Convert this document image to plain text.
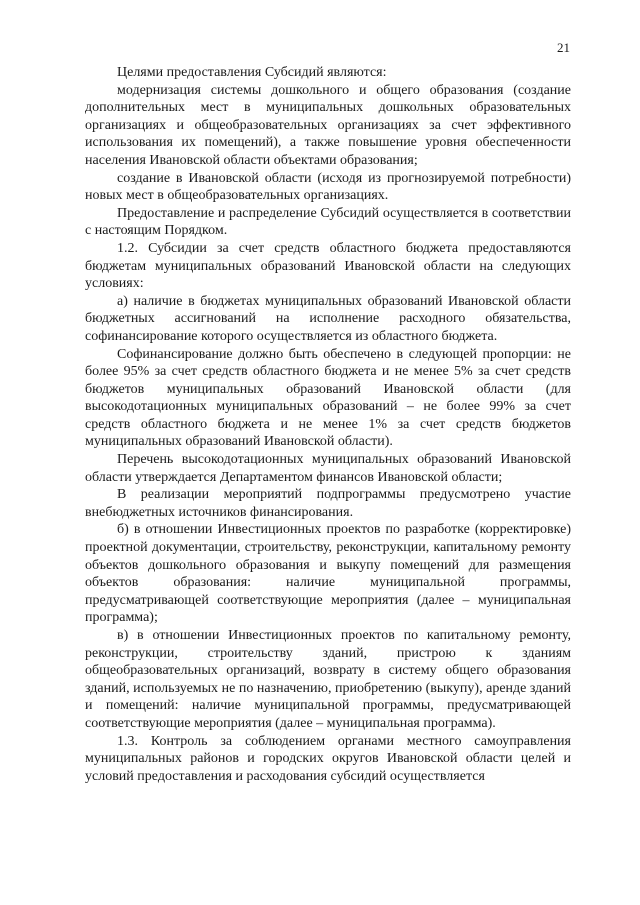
21

Целями предоставления Субсидий являются:

модернизация системы дошкольного и общего образования (создание дополнительных мест в муниципальных дошкольных образовательных организациях и общеобразовательных организациях за счет эффективного использования их помещений), а также повышение уровня обеспеченности населения Ивановской области объектами образования;

создание в Ивановской области (исходя из прогнозируемой потребности) новых мест в общеобразовательных организациях.

Предоставление и распределение Субсидий осуществляется в соответствии с настоящим Порядком.

1.2. Субсидии за счет средств областного бюджета предоставляются бюджетам муниципальных образований Ивановской области на следующих условиях:

а) наличие в бюджетах муниципальных образований Ивановской области бюджетных ассигнований на исполнение расходного обязательства, софинансирование которого осуществляется из областного бюджета.

Софинансирование должно быть обеспечено в следующей пропорции: не более 95% за счет средств областного бюджета и не менее 5% за счет средств бюджетов муниципальных образований Ивановской области (для высокодотационных муниципальных образований – не более 99% за счет средств областного бюджета и не менее 1% за счет средств бюджетов муниципальных образований Ивановской области).

Перечень высокодотационных муниципальных образований Ивановской области утверждается Департаментом финансов Ивановской области;

В реализации мероприятий подпрограммы предусмотрено участие внебюджетных источников финансирования.

б) в отношении Инвестиционных проектов по разработке (корректировке) проектной документации, строительству, реконструкции, капитальному ремонту объектов дошкольного образования и выкупу помещений для размещения объектов образования: наличие муниципальной программы, предусматривающей соответствующие мероприятия (далее – муниципальная программа);

в) в отношении Инвестиционных проектов по капитальному ремонту, реконструкции, строительству зданий, пристрою к зданиям общеобразовательных организаций, возврату в систему общего образования зданий, используемых не по назначению, приобретению (выкупу), аренде зданий и помещений: наличие муниципальной программы, предусматривающей соответствующие мероприятия (далее – муниципальная программа).

1.3. Контроль за соблюдением органами местного самоуправления муниципальных районов и городских округов Ивановской области целей и условий предоставления и расходования субсидий осуществляется
